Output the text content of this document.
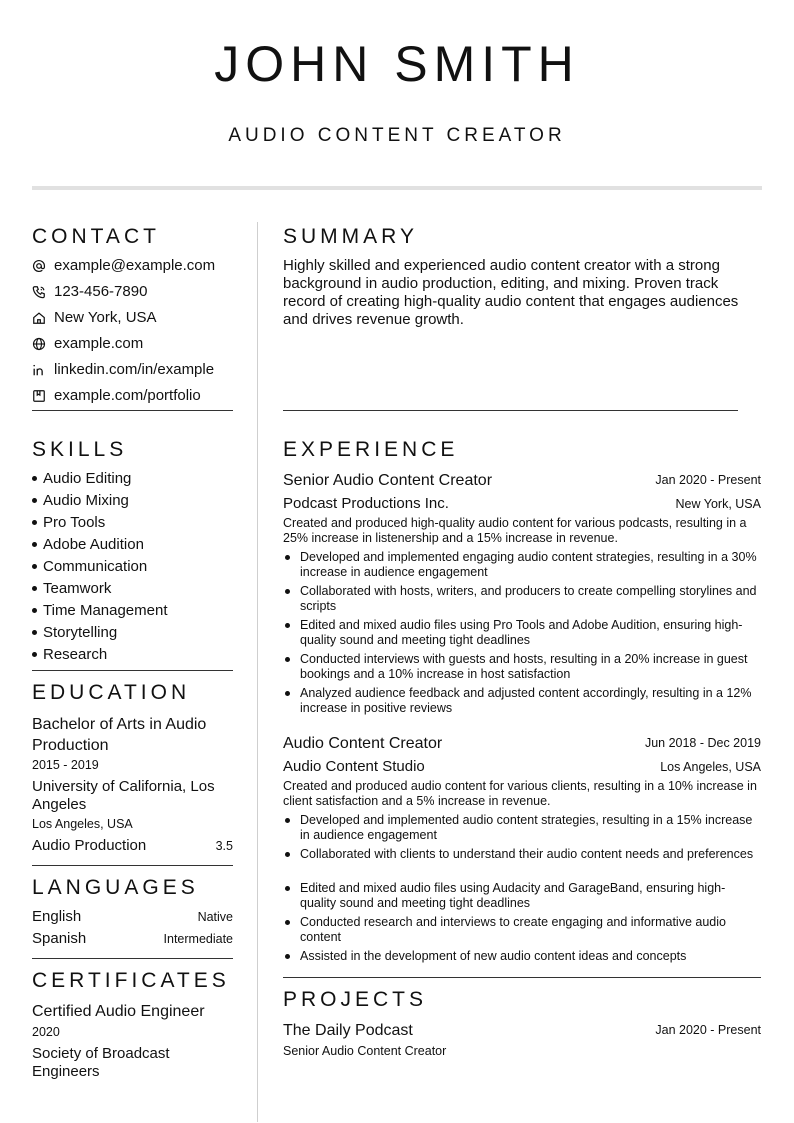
JOHN SMITH
AUDIO CONTENT CREATOR
CONTACT
example@example.com
123-456-7890
New York, USA
example.com
linkedin.com/in/example
example.com/portfolio
SKILLS
Audio Editing
Audio Mixing
Pro Tools
Adobe Audition
Communication
Teamwork
Time Management
Storytelling
Research
EDUCATION
Bachelor of Arts in Audio Production
2015 - 2019
University of California, Los Angeles
Los Angeles, USA
Audio Production	3.5
LANGUAGES
English	Native
Spanish	Intermediate
CERTIFICATES
Certified Audio Engineer
2020
Society of Broadcast Engineers
SUMMARY
Highly skilled and experienced audio content creator with a strong background in audio production, editing, and mixing. Proven track record of creating high-quality audio content that engages audiences and drives revenue growth.
EXPERIENCE
Senior Audio Content Creator	Jan 2020 - Present
Podcast Productions Inc.	New York, USA
Created and produced high-quality audio content for various podcasts, resulting in a 25% increase in listenership and a 15% increase in revenue.
Developed and implemented engaging audio content strategies, resulting in a 30% increase in audience engagement
Collaborated with hosts, writers, and producers to create compelling storylines and scripts
Edited and mixed audio files using Pro Tools and Adobe Audition, ensuring high-quality sound and meeting tight deadlines
Conducted interviews with guests and hosts, resulting in a 20% increase in guest bookings and a 10% increase in host satisfaction
Analyzed audience feedback and adjusted content accordingly, resulting in a 12% increase in positive reviews
Audio Content Creator	Jun 2018 - Dec 2019
Audio Content Studio	Los Angeles, USA
Created and produced audio content for various clients, resulting in a 10% increase in client satisfaction and a 5% increase in revenue.
Developed and implemented audio content strategies, resulting in a 15% increase in audience engagement
Collaborated with clients to understand their audio content needs and preferences
Edited and mixed audio files using Audacity and GarageBand, ensuring high-quality sound and meeting tight deadlines
Conducted research and interviews to create engaging and informative audio content
Assisted in the development of new audio content ideas and concepts
PROJECTS
The Daily Podcast	Jan 2020 - Present
Senior Audio Content Creator
